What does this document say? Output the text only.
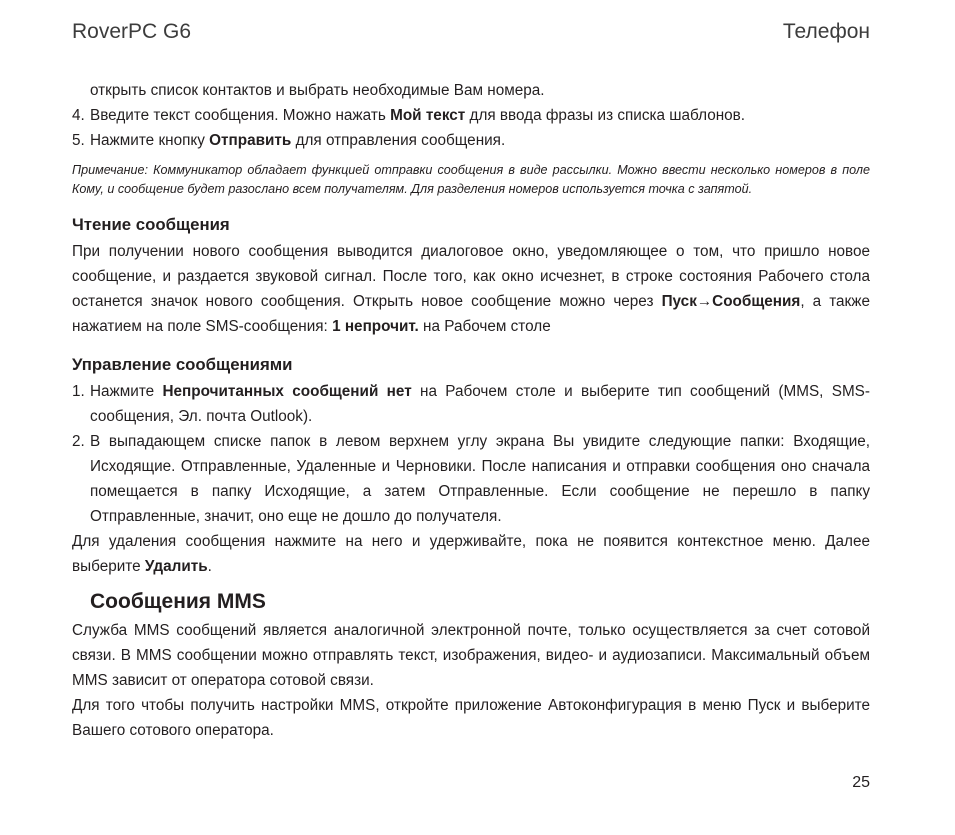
RoverPC G6	Телефон

открыть список контактов и выбрать необходимые Вам номера.

4. Введите текст сообщения. Можно нажать Мой текст для ввода фразы из списка шаблонов.
5. Нажмите кнопку Отправить для отправления сообщения.

Примечание: Коммуникатор обладает функцией отправки сообщения в виде рассылки. Можно ввести несколько номеров в поле Кому, и сообщение будет разослано всем получателям. Для разделения номеров используется точка с запятой.

Чтение сообщения

При получении нового сообщения выводится диалоговое окно, уведомляющее о том, что пришло новое сообщение, и раздается звуковой сигнал. После того, как окно исчезнет, в строке состояния Рабочего стола останется значок нового сообщения. Открыть новое сообщение можно через Пуск→Сообщения, а также нажатием на поле SMS-сообщения: 1 непрочит. на Рабочем столе

Управление сообщениями
1. Нажмите Непрочитанных сообщений нет на Рабочем столе и выберите тип сообщений (MMS, SMS-сообщения, Эл. почта Outlook).
2. В выпадающем списке папок в левом верхнем углу экрана Вы увидите следующие папки: Входящие, Исходящие. Отправленные, Удаленные и Черновики. После написания и отправки сообщения оно сначала помещается в папку Исходящие, а затем Отправленные. Если сообщение не перешло в папку Отправленные, значит, оно еще не дошло до получателя.

Для удаления сообщения нажмите на него и удерживайте, пока не появится контекстное меню. Далее выберите Удалить.

Сообщения MMS

Служба MMS сообщений является аналогичной электронной почте, только осуществляется за счет сотовой связи. В MMS сообщении можно отправлять текст, изображения, видео- и аудиозаписи. Максимальный объем MMS зависит от оператора сотовой связи.

Для того чтобы получить настройки MMS, откройте приложение Автоконфигурация в меню Пуск и выберите Вашего сотового оператора.

25
